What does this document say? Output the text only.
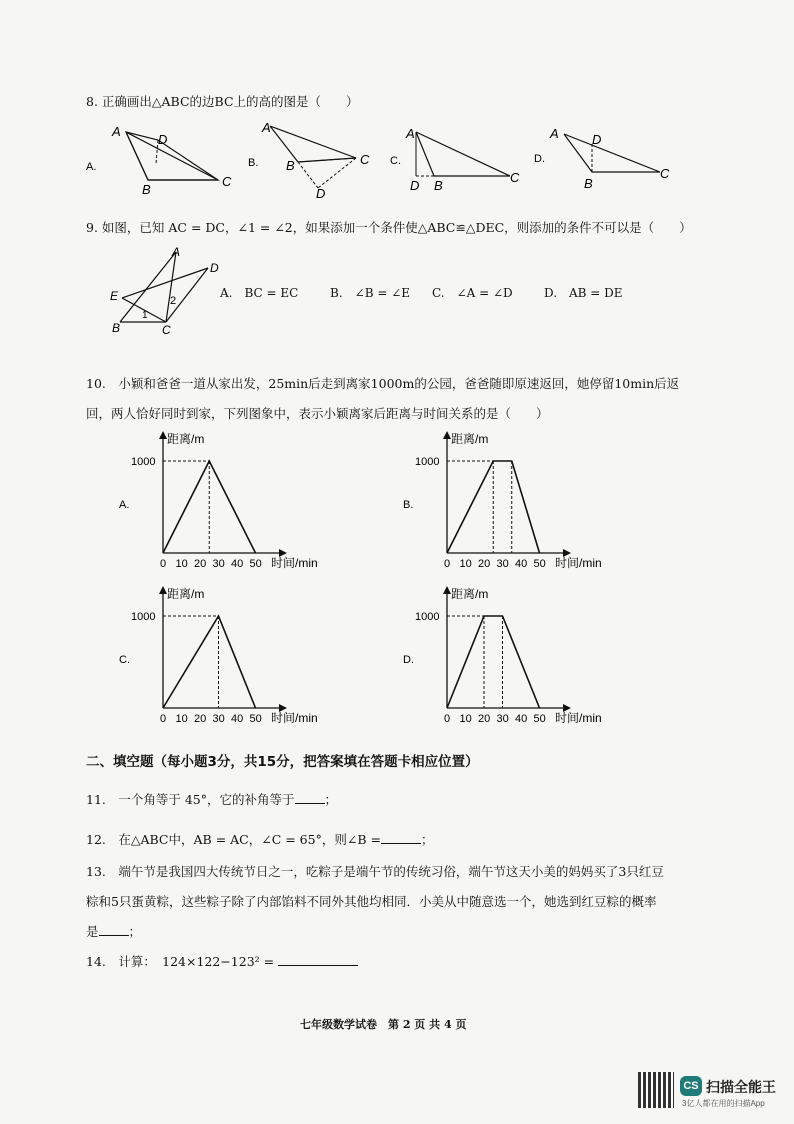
8. 正确画出△ABC的边BC上的高的图是（　　）
A.
A
D
B
C
B.
A
B	C
D
C.
A
D B
C
D.
A	D
B
C
9. 如图，已知 AC = DC，∠1 = ∠2，如果添加一个条件使△ABC≌△DEC，则添加的条件不可以是（　　）
A
D
E	2
B
1
C
A.　BC = EC	B.　∠B = ∠E C.　∠A = ∠D	D.　AB = DE
10.　小颖和爸爸一道从家出发，25min后走到离家1000m的公园，爸爸随即原速返回，她停留10min后返
回，两人恰好同时到家，下列图象中，表示小颖离家后距离与时间关系的是（　　）
A.
距离/m
时间/min
1000
0 10 20 30 40 50
B.
距离/m
时间/min
1000
0 10 20 30 40 50
C.
距离/m
时间/min
1000
0 10 20 30 40 50
D.
距离/m
时间/min
1000
0 10 20 30 40 50
二、填空题（每小题3分，共15分，把答案填在答题卡相应位置）
11.　一个角等于 45°，它的补角等于 ；
12.　在△ABC中，AB = AC，∠C = 65°，则∠B =	；
13.　端午节是我国四大传统节日之一，吃粽子是端午节的传统习俗，端午节这天小美的妈妈买了3只红豆
粽和5只蛋黄粽，这些粽子除了内部馅料不同外其他均相同．小美从中随意选一个，她选到红豆粽的概率
是 ；
14.　计算：　124×122−123² =
七年级数学试卷　第 2 页 共 4 页
CS 扫描全能王
3亿人都在用的扫描App
